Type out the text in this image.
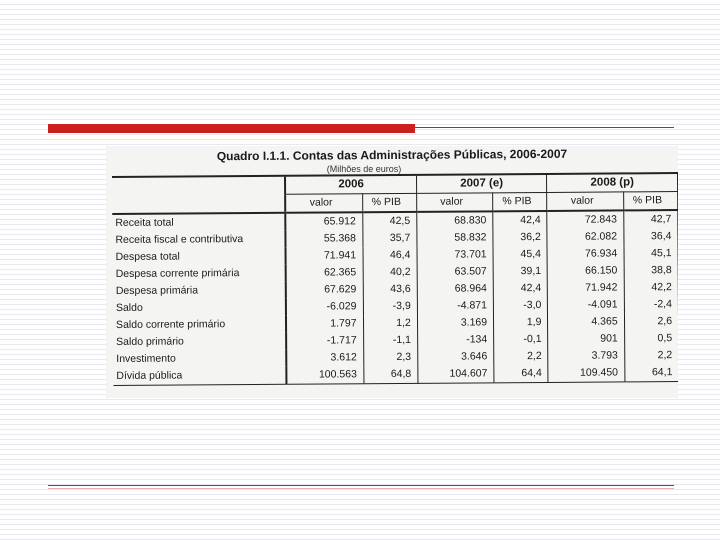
Quadro I.1.1. Contas das Administrações Públicas, 2006-2007
(Milhões de euros)
	2006		2007 (e)		2008 (p)	
	valor	% PIB	valor	% PIB	valor	% PIB
Receita total	65.912	42,5	68.830	42,4	72.843	42,7
Receita fiscal e contributiva	55.368	35,7	58.832	36,2	62.082	36,4
Despesa total	71.941	46,4	73.701	45,4	76.934	45,1
Despesa corrente primária	62.365	40,2	63.507	39,1	66.150	38,8
Despesa primária	67.629	43,6	68.964	42,4	71.942	42,2
Saldo	-6.029	-3,9	-4.871	-3,0	-4.091	-2,4
Saldo corrente primário	1.797	1,2	3.169	1,9	4.365	2,6
Saldo primário	-1.717	-1,1	-134	-0,1	901	0,5
Investimento	3.612	2,3	3.646	2,2	3.793	2,2
Dívida pública	100.563	64,8	104.607	64,4	109.450	64,1
